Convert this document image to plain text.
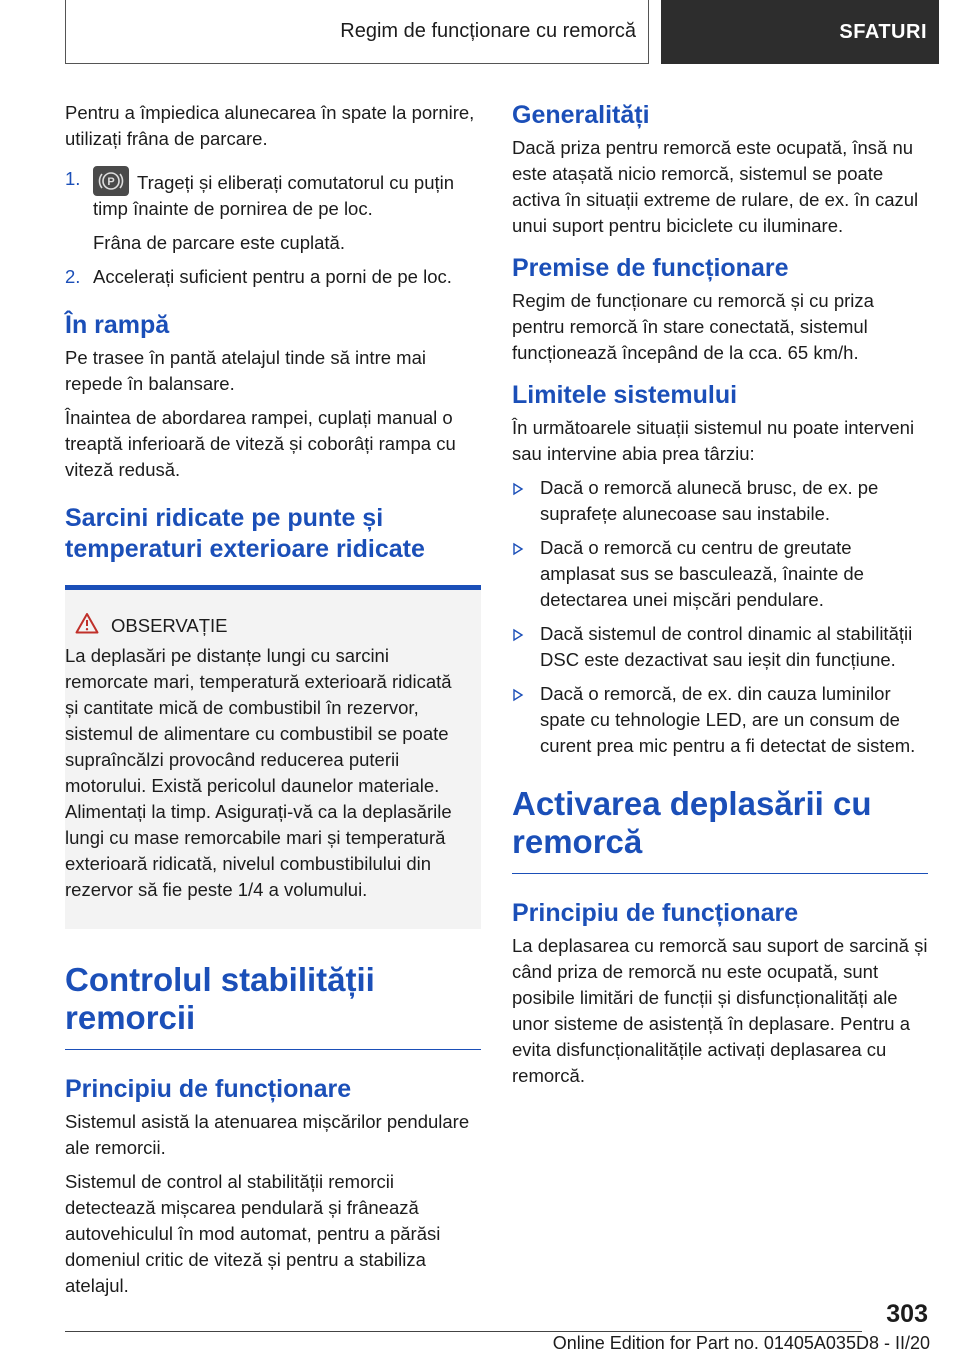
Regim de funcționare cu remorcă	SFATURI

Pentru a împiedica alunecarea în spate la pornire, utilizați frâna de parcare.

1.	P Trageți și eliberați comutatorul cu puțin timp înainte de pornirea de pe loc.
Frâna de parcare este cuplată.
2. Accelerați suficient pentru a porni de pe loc.
În rampă

Pe trasee în pantă atelajul tinde să intre mai repede în balansare.

Înaintea de abordarea rampei, cuplați manual o treaptă inferioară de viteză și coborâți rampa cu viteză redusă.

Sarcini ridicate pe punte și temperaturi exterioare ridicate
OBSERVAȚIE

La deplasări pe distanțe lungi cu sarcini remorcate mari, temperatură exterioară ridicată și cantitate mică de combustibil în rezervor, sistemul de alimentare cu combustibil se poate supraîncălzi provocând reducerea puterii motorului. Există pericolul daunelor materiale.

Alimentați la timp. Asigurați-vă ca la deplasările lungi cu mase remorcabile mari și temperatură exterioară ridicată, nivelul combustibilului din rezervor să fie peste 1/4 a volumului.

Controlul stabilității remorcii
Principiu de funcționare

Sistemul asistă la atenuarea mișcărilor pendulare ale remorcii.

Sistemul de control al stabilității remorcii detectează mișcarea pendulară și frânează autovehiculul în mod automat, pentru a părăsi domeniul critic de viteză și pentru a stabiliza atelajul.

Generalități

Dacă priza pentru remorcă este ocupată, însă nu este atașată nicio remorcă, sistemul se poate activa în situații extreme de rulare, de ex. în cazul unui suport pentru biciclete cu iluminare.

Premise de funcționare

Regim de funcționare cu remorcă și cu priza pentru remorcă în stare conectată, sistemul funcționează începând de la cca. 65 km/h.

Limitele sistemului

În următoarele situații sistemul nu poate interveni sau intervine abia prea târziu:

Dacă o remorcă alunecă brusc, de ex. pe suprafețe alunecoase sau instabile.
Dacă o remorcă cu centru de greutate amplasat sus se basculează, înainte de detectarea unei mișcări pendulare.
Dacă sistemul de control dinamic al stabilității DSC este dezactivat sau ieșit din funcțiune.
Dacă o remorcă, de ex. din cauza luminilor spate cu tehnologie LED, are un consum de curent prea mic pentru a fi detectat de sistem.
Activarea deplasării cu remorcă
Principiu de funcționare

La deplasarea cu remorcă sau suport de sarcină și când priza de remorcă nu este ocupată, sunt posibile limitări de funcții și disfuncționalități ale unor sisteme de asistență în deplasare. Pentru a evita disfuncționalitățile activați deplasarea cu remorcă.

303
Online Edition for Part no. 01405A035D8 - II/20
